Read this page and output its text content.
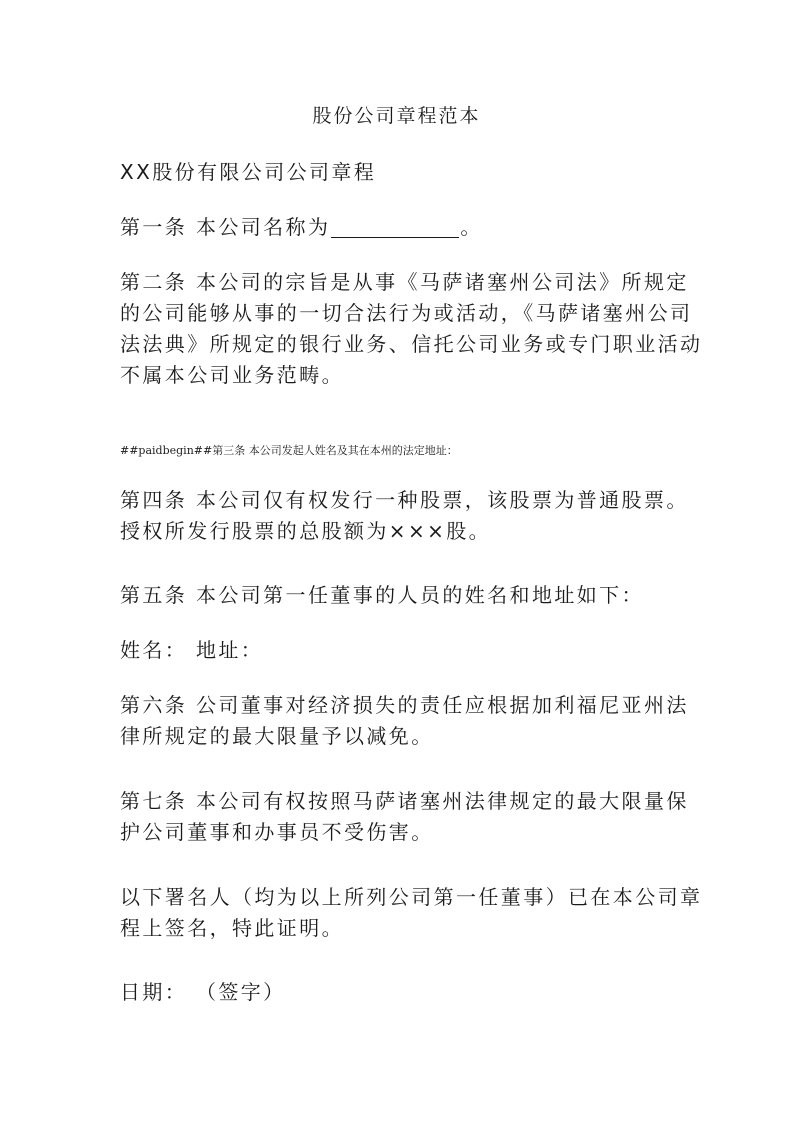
股份公司章程范本
XX股份有限公司公司章程
第一条 本公司名称为	。
第二条 本公司的宗旨是从事《马萨诸塞州公司法》所规定
的公司能够从事的一切合法行为或活动，《马萨诸塞州公司
法法典》所规定的银行业务、信托公司业务或专门职业活动
不属本公司业务范畴。
##paidbegin##第三条 本公司发起人姓名及其在本州的法定地址：
第四条 本公司仅有权发行一种股票，该股票为普通股票。
授权所发行股票的总股额为×××股。
第五条 本公司第一任董事的人员的姓名和地址如下：
姓名： 地址：
第六条 公司董事对经济损失的责任应根据加利福尼亚州法
律所规定的最大限量予以减免。
第七条 本公司有权按照马萨诸塞州法律规定的最大限量保
护公司董事和办事员不受伤害。
以下署名人（均为以上所列公司第一任董事）已在本公司章
程上签名，特此证明。
日期： （签字）
